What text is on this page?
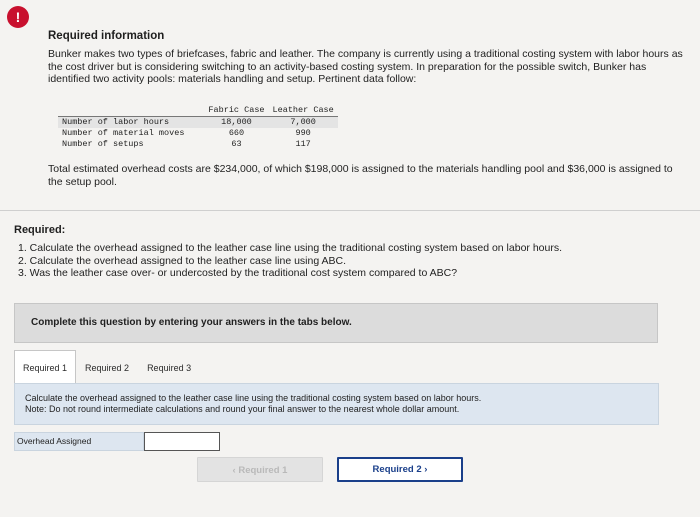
!

Required information

Bunker makes two types of briefcases, fabric and leather. The company is currently using a traditional costing system with labor hours as the cost driver but is considering switching to an activity-based costing system. In preparation for the possible switch, Bunker has identified two activity pools: materials handling and setup. Pertinent data follow:

	Fabric Case	Leather Case
Number of labor hours	18,000	7,000
Number of material moves	660	990
Number of setups	63	117
Total estimated overhead costs are $234,000, of which $198,000 is assigned to the materials handling pool and $36,000 is assigned to the setup pool.

Required:

1. Calculate the overhead assigned to the leather case line using the traditional costing system based on labor hours.

2. Calculate the overhead assigned to the leather case line using ABC.

3. Was the leather case over- or undercosted by the traditional cost system compared to ABC?

Complete this question by entering your answers in the tabs below.
Required 1	Required 2	Required 3
Calculate the overhead assigned to the leather case line using the traditional costing system based on labor hours.
Note: Do not round intermediate calculations and round your final answer to the nearest whole dollar amount.
Overhead Assigned
‹ Required 1	Required 2 ›
